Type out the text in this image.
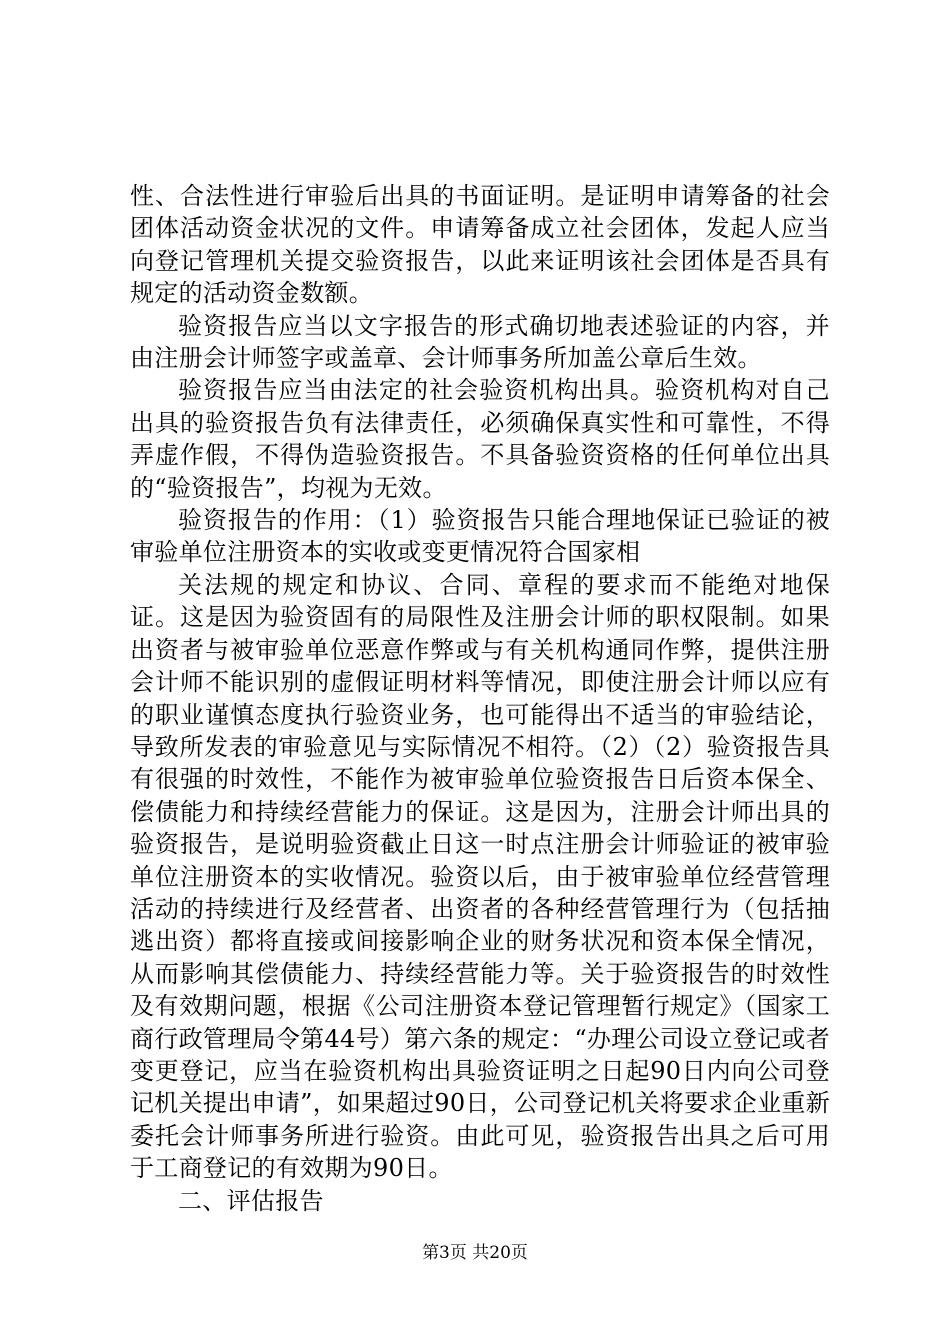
性、合法性进行审验后出具的书面证明。是证明申请筹备的社会团体活动资金状况的文件。申请筹备成立社会团体，发起人应当向登记管理机关提交验资报告，以此来证明该社会团体是否具有规定的活动资金数额。

验资报告应当以文字报告的形式确切地表述验证的内容，并由注册会计师签字或盖章、会计师事务所加盖公章后生效。

验资报告应当由法定的社会验资机构出具。验资机构对自己出具的验资报告负有法律责任，必须确保真实性和可靠性，不得弄虚作假，不得伪造验资报告。不具备验资资格的任何单位出具的“验资报告”，均视为无效。

验资报告的作用：（1）验资报告只能合理地保证已验证的被审验单位注册资本的实收或变更情况符合国家相

关法规的规定和协议、合同、章程的要求而不能绝对地保证。这是因为验资固有的局限性及注册会计师的职权限制。如果出资者与被审验单位恶意作弊或与有关机构通同作弊，提供注册会计师不能识别的虚假证明材料等情况，即使注册会计师以应有的职业谨慎态度执行验资业务，也可能得出不适当的审验结论，导致所发表的审验意见与实际情况不相符。（2）（2）验资报告具有很强的时效性，不能作为被审验单位验资报告日后资本保全、偿债能力和持续经营能力的保证。这是因为，注册会计师出具的验资报告，是说明验资截止日这一时点注册会计师验证的被审验单位注册资本的实收情况。验资以后，由于被审验单位经营管理活动的持续进行及经营者、出资者的各种经营管理行为（包括抽逃出资）都将直接或间接影响企业的财务状况和资本保全情况，从而影响其偿债能力、持续经营能力等。关于验资报告的时效性及有效期问题，根据《公司注册资本登记管理暂行规定》（国家工商行政管理局令第44号）第六条的规定：“办理公司设立登记或者变更登记，应当在验资机构出具验资证明之日起90日内向公司登记机关提出申请”，如果超过90日，公司登记机关将要求企业重新委托会计师事务所进行验资。由此可见，验资报告出具之后可用于工商登记的有效期为90日。

二、评估报告

第3页 共20页
